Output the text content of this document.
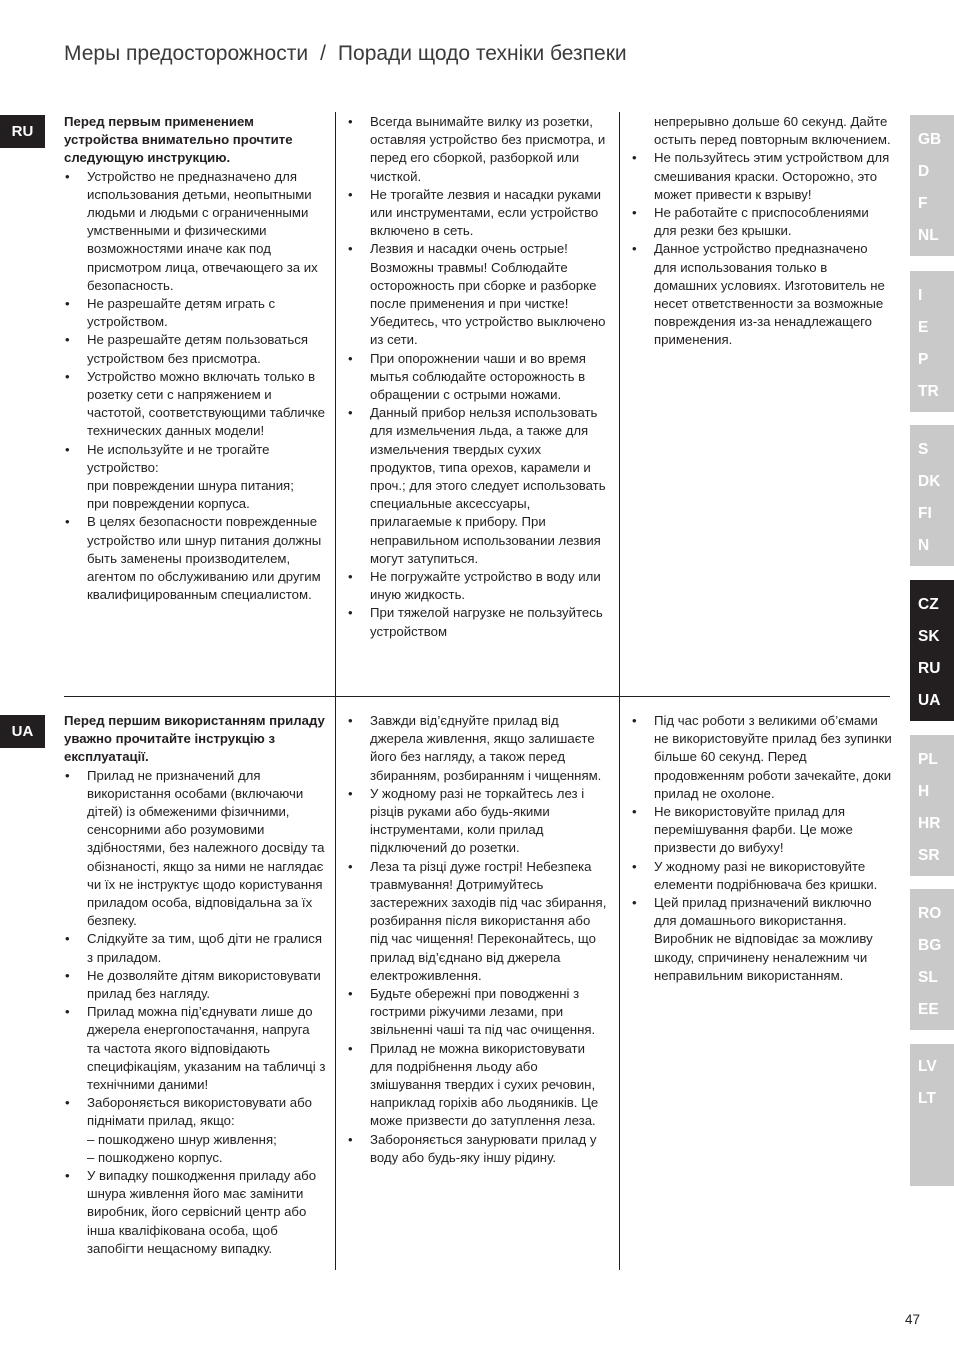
Меры предосторожности / Поради щодо техніки безпеки
RU
UA

Перед первым применением устройства внимательно прочтите следующую инструкцию.

• Устройство не предназначено для использования детьми, неопытными людьми и людьми с ограниченными умственными и физическими возможностями иначе как под присмотром лица, отвечающего за их безопасность.
• Не разрешайте детям играть с устройством.
• Не разрешайте детям пользоваться устройством без присмотра.
• Устройство можно включать только в розетку сети с напряжением и частотой, соответствующими табличке технических данных модели!
• Не используйте и не трогайте устройство:
при повреждении шнура питания;
при повреждении корпуса.
• В целях безопасности поврежденные устройство или шнур питания должны быть заменены производителем, агентом по обслуживанию или другим квалифицированным специалистом.
• Всегда вынимайте вилку из розетки, оставляя устройство без присмотра, и перед его сборкой, разборкой или чисткой.
• Не трогайте лезвия и насадки руками или инструментами, если устройство включено в сеть.
• Лезвия и насадки очень острые! Возможны травмы! Соблюдайте осторожность при сборке и разборке после применения и при чистке! Убедитесь, что устройство выключено из сети.
• При опорожнении чаши и во время мытья соблюдайте осторожность в обращении с острыми ножами.
• Данный прибор нельзя использовать для измельчения льда, а также для измельчения твердых сухих продуктов, типа орехов, карамели и проч.; для этого следует использовать специальные аксессуары, прилагаемые к прибору. При неправильном использовании лезвия могут затупиться.
• Не погружайте устройство в воду или иную жидкость.
• При тяжелой нагрузке не пользуйтесь устройством
непрерывно дольше 60 секунд. Дайте остыть перед повторным включением.
• Не пользуйтесь этим устройством для смешивания краски. Осторожно, это может привести к взрыву!
• Не работайте с приспособлениями для резки без крышки.
• Данное устройство предназначено для использования только в домашних условиях. Изготовитель не несет ответственности за возможные повреждения из-за ненадлежащего применения.

Перед першим використанням приладу уважно прочитайте інструкцію з експлуатації.

• Прилад не призначений для використання особами (включаючи дітей) із обмеженими фізичними, сенсорними або розумовими здібностями, без належного досвіду та обізнаності, якщо за ними не наглядає чи їх не інструктує щодо користування приладом особа, відповідальна за їх безпеку.
• Слідкуйте за тим, щоб діти не гралися з приладом.
• Не дозволяйте дітям використовувати прилад без нагляду.
• Прилад можна під’єднувати лише до джерела енергопостачання, напруга та частота якого відповідають специфікаціям, указаним на табличці з технічними даними!
• Забороняється використовувати або піднімати прилад, якщо:
– пошкоджено шнур живлення;
– пошкоджено корпус.
• У випадку пошкодження приладу або шнура живлення його має замінити виробник, його сервісний центр або інша кваліфікована особа, щоб запобігти нещасному випадку.
• Завжди від’єднуйте прилад від джерела живлення, якщо залишаєте його без нагляду, а також перед збиранням, розбиранням і чищенням.
• У жодному разі не торкайтесь лез і різців руками або будь-якими інструментами, коли прилад підключений до розетки.
• Леза та різці дуже гострі! Небезпека травмування! Дотримуйтесь застережних заходів під час збирання, розбирання після використання або під час чищення! Переконайтесь, що прилад від’єднано від джерела електроживлення.
• Будьте обережні при поводженні з гострими ріжучими лезами, при звільненні чаші та під час очищення.
• Прилад не можна використовувати для подрібнення льоду або змішування твердих і сухих речовин, наприклад горіхів або льодяників. Це може призвести до затуплення леза.
• Забороняється занурювати прилад у воду або будь-яку іншу рідину.
• Під час роботи з великими об’ємами не використовуйте прилад без зупинки більше 60 секунд. Перед продовженням роботи зачекайте, доки прилад не охолоне.
• Не використовуйте прилад для перемішування фарби. Це може призвести до вибуху!
• У жодному разі не використовуйте елементи подрібнювача без кришки.
• Цей прилад призначений виключно для домашнього використання. Виробник не відповідає за можливу шкоду, спричинену неналежним чи неправильним використанням.
GB
D
F
NL
I
E
P
TR
S
DK
FI
N
CZ
SK
RU
UA
PL
H
HR
SR
RO
BG
SL
EE
LV
LT
47
